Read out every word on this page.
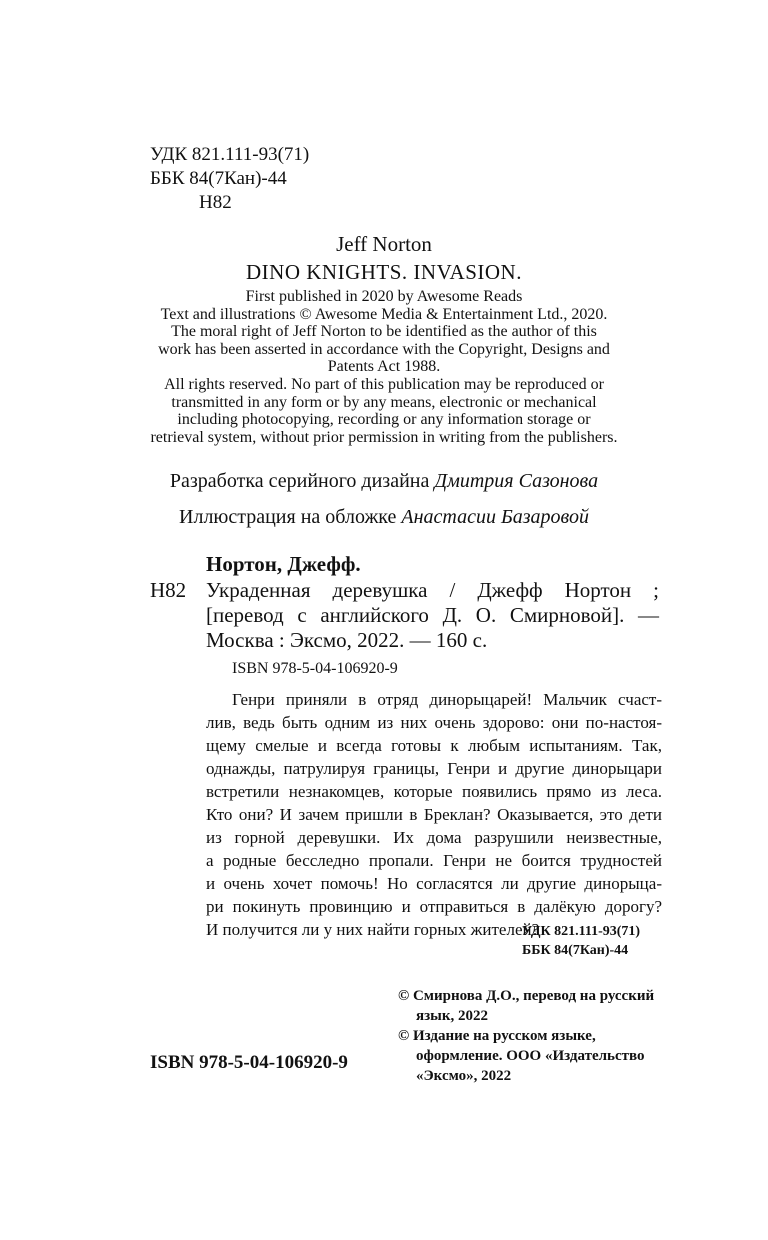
УДК 821.111-93(71)
ББК 84(7Кан)-44
Н82
Jeff Norton
DINO KNIGHTS. INVASION.
First published in 2020 by Awesome Reads
Text and illustrations © Awesome Media & Entertainment Ltd., 2020.
The moral right of Jeff Norton to be identified as the author of this
work has been asserted in accordance with the Copyright, Designs and
Patents Act 1988.
All rights reserved. No part of this publication may be reproduced or
transmitted in any form or by any means, electronic or mechanical
including photocopying, recording or any information storage or
retrieval system, without prior permission in writing from the publishers.
Разработка серийного дизайна Дмитрия Сазонова
Иллюстрация на обложке Анастасии Базаровой
Нортон, Джефф.
Н82 Украденная деревушка / Джефф Нортон ;
[перевод с английского Д. О. Смирновой]. —
Москва : Эксмо, 2022. — 160 с.
ISBN 978-5-04-106920-9
Генри приняли в отряд динорыцарей! Мальчик счаст-
лив, ведь быть одним из них очень здорово: они по-настоя-
щему смелые и всегда готовы к любым испытаниям. Так,
однажды, патрулируя границы, Генри и другие динорыцари
встретили незнакомцев, которые появились прямо из леса.
Кто они? И зачем пришли в Бреклан? Оказывается, это дети
из горной деревушки. Их дома разрушили неизвестные,
а родные бесследно пропали. Генри не боится трудностей
и очень хочет помочь! Но согласятся ли другие динорыца-
ри покинуть провинцию и отправиться в далёкую дорогу?
И получится ли у них найти горных жителей?
УДК 821.111-93(71)
ББК 84(7Кан)-44
© Смирнова Д.О., перевод на русский
язык, 2022
© Издание на русском языке,
оформление. ООО «Издательство
«Эксмо», 2022
ISBN 978-5-04-106920-9
